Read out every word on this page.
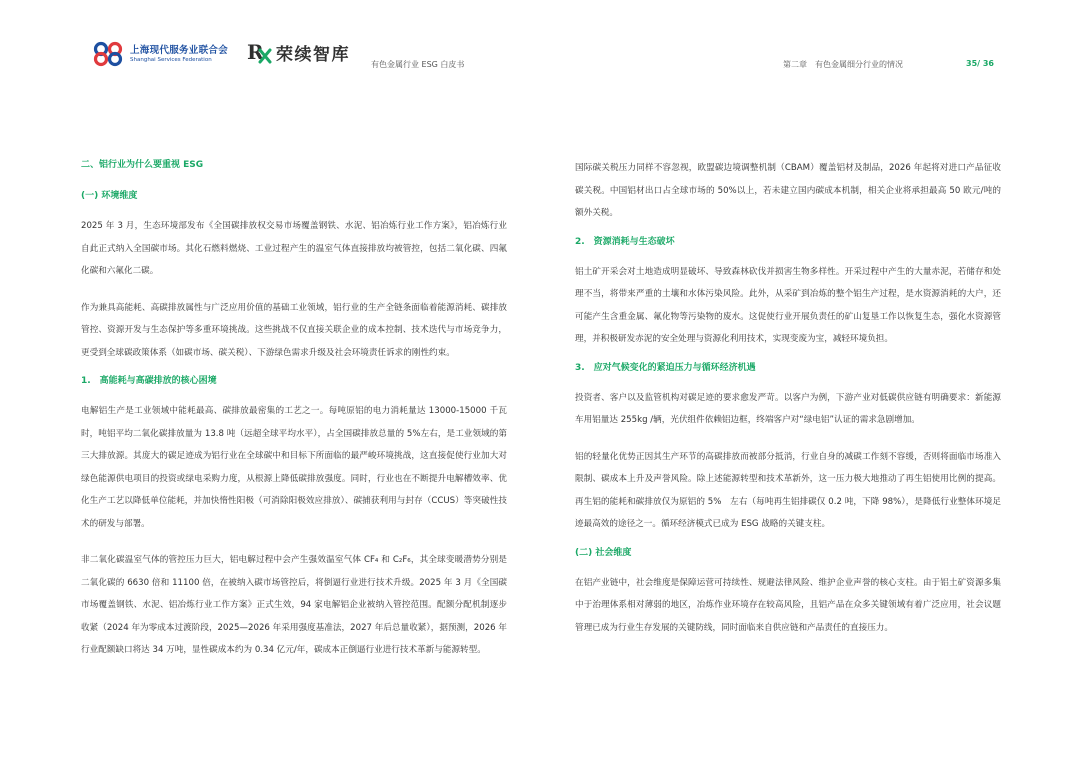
上海现代服务业联合会
Shanghai Services Federation	R 荣续智库	有色金属行业 ESG 白皮书	第二章　有色金属细分行业的情况	35/ 36
二、铝行业为什么要重视 ESG
(一) 环境维度

2025 年 3 月，生态环境部发布《全国碳排放权交易市场覆盖钢铁、水泥、铝冶炼行业工作方案》，铝冶炼行业自此正式纳入全国碳市场。其化石燃料燃烧、工业过程产生的温室气体直接排放均被管控，包括二氧化碳、四氟化碳和六氟化二碳。

作为兼具高能耗、高碳排放属性与广泛应用价值的基础工业领域，铝行业的生产全链条面临着能源消耗、碳排放管控、资源开发与生态保护等多重环境挑战。这些挑战不仅直接关联企业的成本控制、技术迭代与市场竞争力，更受到全球碳政策体系（如碳市场、碳关税）、下游绿色需求升级及社会环境责任诉求的刚性约束。

1.　高能耗与高碳排放的核心困境

电解铝生产是工业领域中能耗最高、碳排放最密集的工艺之一。每吨原铝的电力消耗量达 13000-15000 千瓦时，吨铝平均二氧化碳排放量为 13.8 吨（远超全球平均水平），占全国碳排放总量的 5%左右，是工业领域的第三大排放源。其庞大的碳足迹成为铝行业在全球碳中和目标下所面临的最严峻环境挑战，这直接促使行业加大对绿色能源供电项目的投资或绿电采购力度，从根源上降低碳排放强度。同时，行业也在不断提升电解槽效率、优化生产工艺以降低单位能耗，并加快惰性阳极（可消除阳极效应排放）、碳捕获利用与封存（CCUS）等突破性技术的研发与部署。

非二氧化碳温室气体的管控压力巨大，铝电解过程中会产生强效温室气体 CF₄ 和 C₂F₆，其全球变暖潜势分别是二氧化碳的 6630 倍和 11100 倍，在被纳入碳市场管控后，将倒逼行业进行技术升级。2025 年 3 月《全国碳市场覆盖钢铁、水泥、铝冶炼行业工作方案》正式生效，94 家电解铝企业被纳入管控范围。配额分配机制逐步收紧（2024 年为零成本过渡阶段，2025—2026 年采用强度基准法，2027 年后总量收紧），据预测，2026 年行业配额缺口将达 34 万吨，显性碳成本约为 0.34 亿元/年，碳成本正倒逼行业进行技术革新与能源转型。

国际碳关税压力同样不容忽视，欧盟碳边境调整机制（CBAM）覆盖铝材及制品，2026 年起将对进口产品征收碳关税。中国铝材出口占全球市场的 50%以上，若未建立国内碳成本机制，相关企业将承担最高 50 欧元/吨的额外关税。

2.　资源消耗与生态破坏

铝土矿开采会对土地造成明显破坏、导致森林砍伐并损害生物多样性。开采过程中产生的大量赤泥，若储存和处理不当，将带来严重的土壤和水体污染风险。此外，从采矿到冶炼的整个铝生产过程，是水资源消耗的大户，还可能产生含重金属、氟化物等污染物的废水。这促使行业开展负责任的矿山复垦工作以恢复生态，强化水资源管理，并积极研发赤泥的安全处理与资源化利用技术，实现变废为宝，减轻环境负担。

3.　应对气候变化的紧迫压力与循环经济机遇

投资者、客户以及监管机构对碳足迹的要求愈发严苛。以客户为例，下游产业对低碳供应链有明确要求：新能源车用铝量达 255kg /辆，光伏组件依赖铝边框，终端客户对“绿电铝”认证的需求急剧增加。

铝的轻量化优势正因其生产环节的高碳排放而被部分抵消，行业自身的减碳工作刻不容缓，否则将面临市场准入限制、碳成本上升及声誉风险。除上述能源转型和技术革新外，这一压力极大地推动了再生铝使用比例的提高。再生铝的能耗和碳排放仅为原铝的 5%　左右（每吨再生铝排碳仅 0.2 吨，下降 98%），是降低行业整体环境足迹最高效的途径之一。循环经济模式已成为 ESG 战略的关键支柱。

(二) 社会维度

在铝产业链中，社会维度是保障运营可持续性、规避法律风险、维护企业声誉的核心支柱。由于铝土矿资源多集中于治理体系相对薄弱的地区，冶炼作业环境存在较高风险，且铝产品在众多关键领域有着广泛应用，社会议题管理已成为行业生存发展的关键防线，同时面临来自供应链和产品责任的直接压力。
